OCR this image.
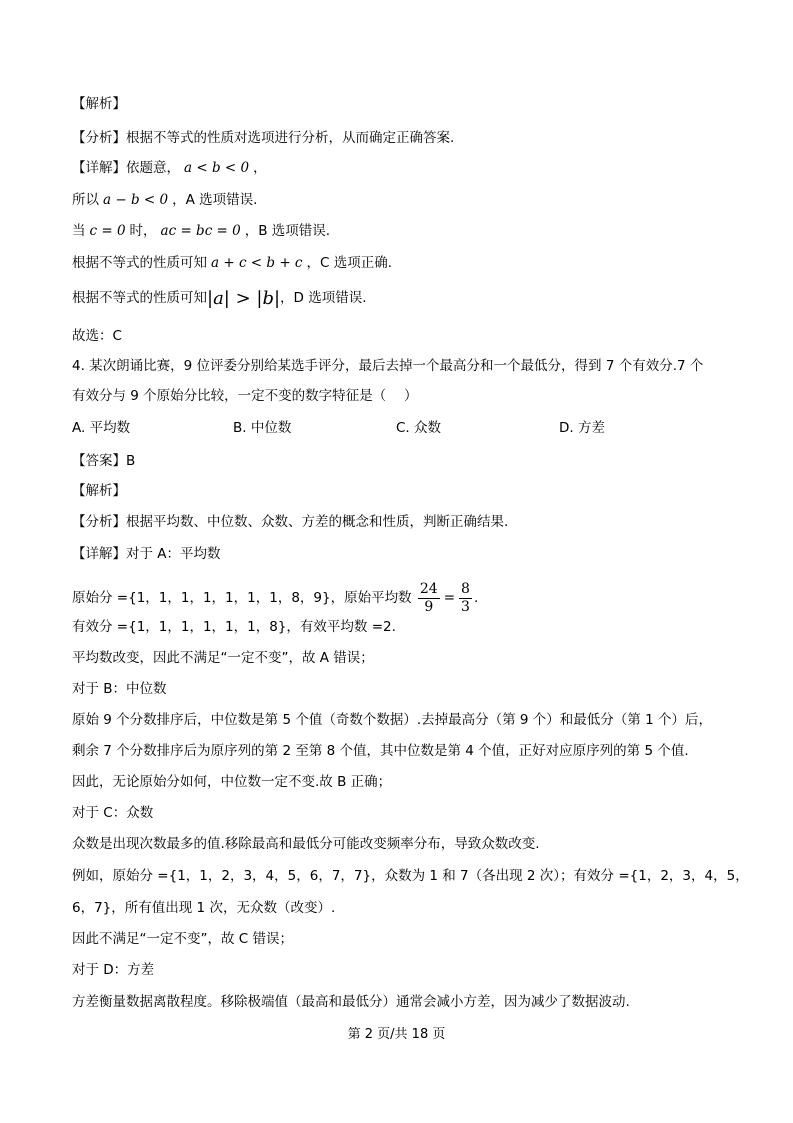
【解析】
【分析】根据不等式的性质对选项进行分析，从而确定正确答案.
【详解】依题意， a < b < 0 ，
所以 a − b < 0 ，A 选项错误.
当 c = 0 时， ac = bc = 0 ，B 选项错误.
根据不等式的性质可知 a + c < b + c ，C 选项正确.
根据不等式的性质可知|a| > |b|，D 选项错误.
故选：C
4. 某次朗诵比赛，9 位评委分别给某选手评分，最后去掉一个最高分和一个最低分，得到 7 个有效分.7 个
有效分与 9 个原始分比较，一定不变的数字特征是（　 ）
A. 平均数	B. 中位数	C. 众数	D. 方差
【答案】B
【解析】
【分析】根据平均数、中位数、众数、方差的概念和性质，判断正确结果.
【详解】对于 A：平均数
原始分 ={1，1，1，1，1，1，1，8，9}，原始平均数 $\frac{24}{9} = \frac{8}{3}$ .
有效分 ={1，1，1，1，1，1，8}，有效平均数 =2.
平均数改变，因此不满足“一定不变”，故 A 错误；
对于 B：中位数
原始 9 个分数排序后，中位数是第 5 个值（奇数个数据）.去掉最高分（第 9 个）和最低分（第 1 个）后，
剩余 7 个分数排序后为原序列的第 2 至第 8 个值，其中位数是第 4 个值，正好对应原序列的第 5 个值.
因此，无论原始分如何，中位数一定不变.故 B 正确；
对于 C：众数
众数是出现次数最多的值.移除最高和最低分可能改变频率分布，导致众数改变.
例如，原始分 ={1，1，2，3，4，5，6，7，7}，众数为 1 和 7（各出现 2 次）；有效分 ={1，2，3，4，5，
6，7}，所有值出现 1 次，无众数（改变）.
因此不满足“一定不变”，故 C 错误；
对于 D：方差
方差衡量数据离散程度。移除极端值（最高和最低分）通常会减小方差，因为减少了数据波动.
第 2 页/共 18 页
